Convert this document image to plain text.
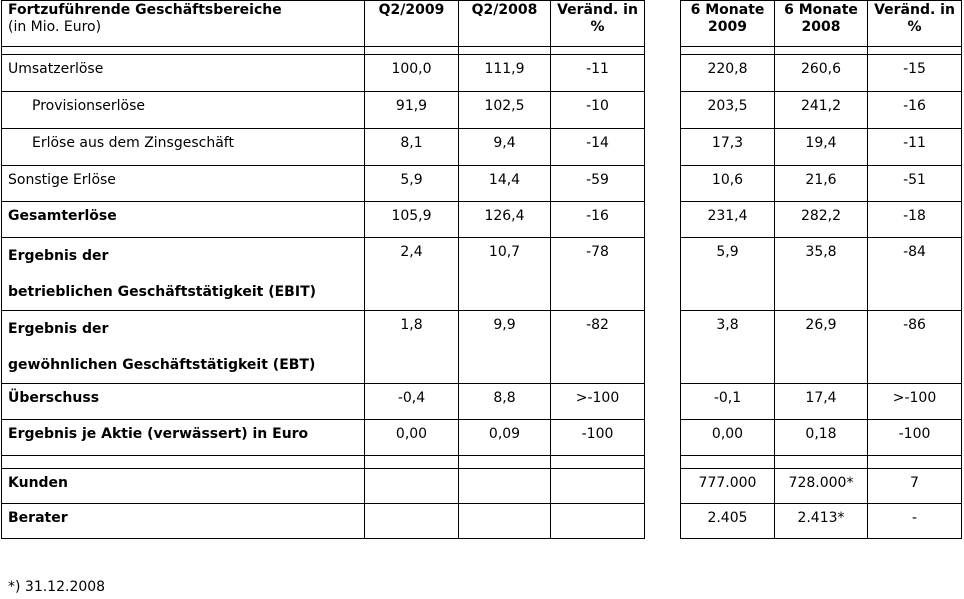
Fortzuführende Geschäftsbereiche
(in Mio. Euro)	Q2/2009	Q2/2008	Veränd. in %		6 Monate 2009	6 Monate 2008	Veränd. in %

Umsatzerlöse	100,0	111,9	-11		220,8	260,6	-15
Provisionserlöse	91,9	102,5	-10		203,5	241,2	-16
Erlöse aus dem Zinsgeschäft	8,1	9,4	-14		17,3	19,4	-11
Sonstige Erlöse	5,9	14,4	-59		10,6	21,6	-51
Gesamterlöse	105,9	126,4	-16		231,4	282,2	-18

Ergebnis der
betrieblichen Geschäftstätigkeit (EBIT)	2,4	10,7	-78		5,9	35,8	-84

Ergebnis der
gewöhnlichen Geschäftstätigkeit (EBT)	1,8	9,9	-82		3,8	26,9	-86
Überschuss	-0,4	8,8	>-100		-0,1	17,4	>-100
Ergebnis je Aktie (verwässert) in Euro	0,00	0,09	-100		0,00	0,18	-100

Kunden					777.000	728.000*	7
Berater					2.405	2.413*	-
*) 31.12.2008
